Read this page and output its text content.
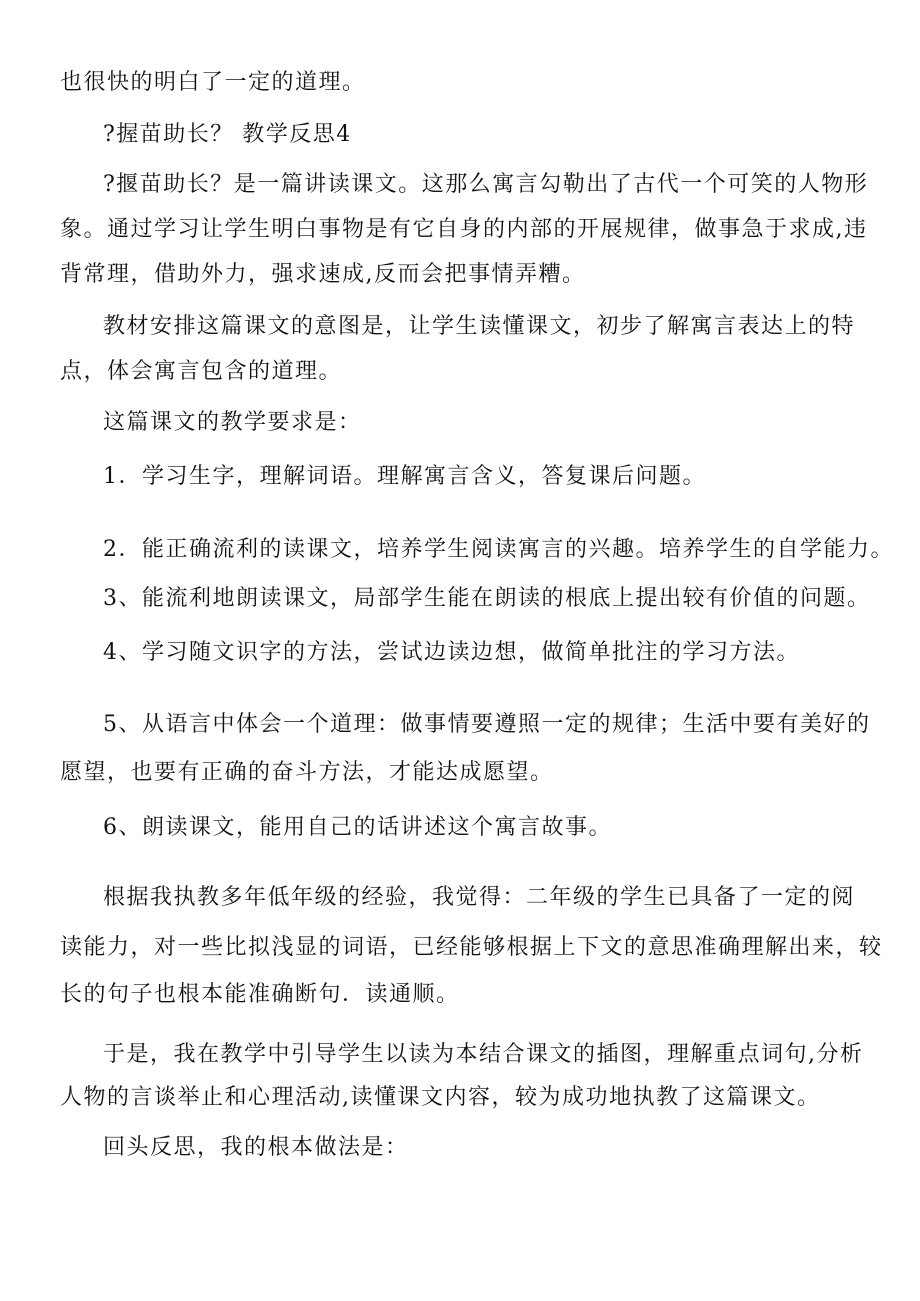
也很快的明白了一定的道理。
?握苗助长？ 教学反思4
?揠苗助长？是一篇讲读课文。这那么寓言勾勒出了古代一个可笑的人物形
象。通过学习让学生明白事物是有它自身的内部的开展规律，做事急于求成,违
背常理，借助外力，强求速成,反而会把事情弄糟。
教材安排这篇课文的意图是，让学生读懂课文，初步了解寓言表达上的特
点，体会寓言包含的道理。
这篇课文的教学要求是：
1．学习生字，理解词语。理解寓言含义，答复课后问题。
2．能正确流利的读课文，培养学生阅读寓言的兴趣。培养学生的自学能力。
3、能流利地朗读课文，局部学生能在朗读的根底上提出较有价值的问题。
4、学习随文识字的方法，尝试边读边想，做简单批注的学习方法。
5、从语言中体会一个道理：做事情要遵照一定的规律；生活中要有美好的
愿望，也要有正确的奋斗方法，才能达成愿望。
6、朗读课文，能用自己的话讲述这个寓言故事。
根据我执教多年低年级的经验，我觉得：二年级的学生已具备了一定的阅
读能力，对一些比拟浅显的词语，已经能够根据上下文的意思准确理解出来，较
长的句子也根本能准确断句．读通顺。
于是，我在教学中引导学生以读为本结合课文的插图，理解重点词句,分析
人物的言谈举止和心理活动,读懂课文内容，较为成功地执教了这篇课文。
回头反思，我的根本做法是：
